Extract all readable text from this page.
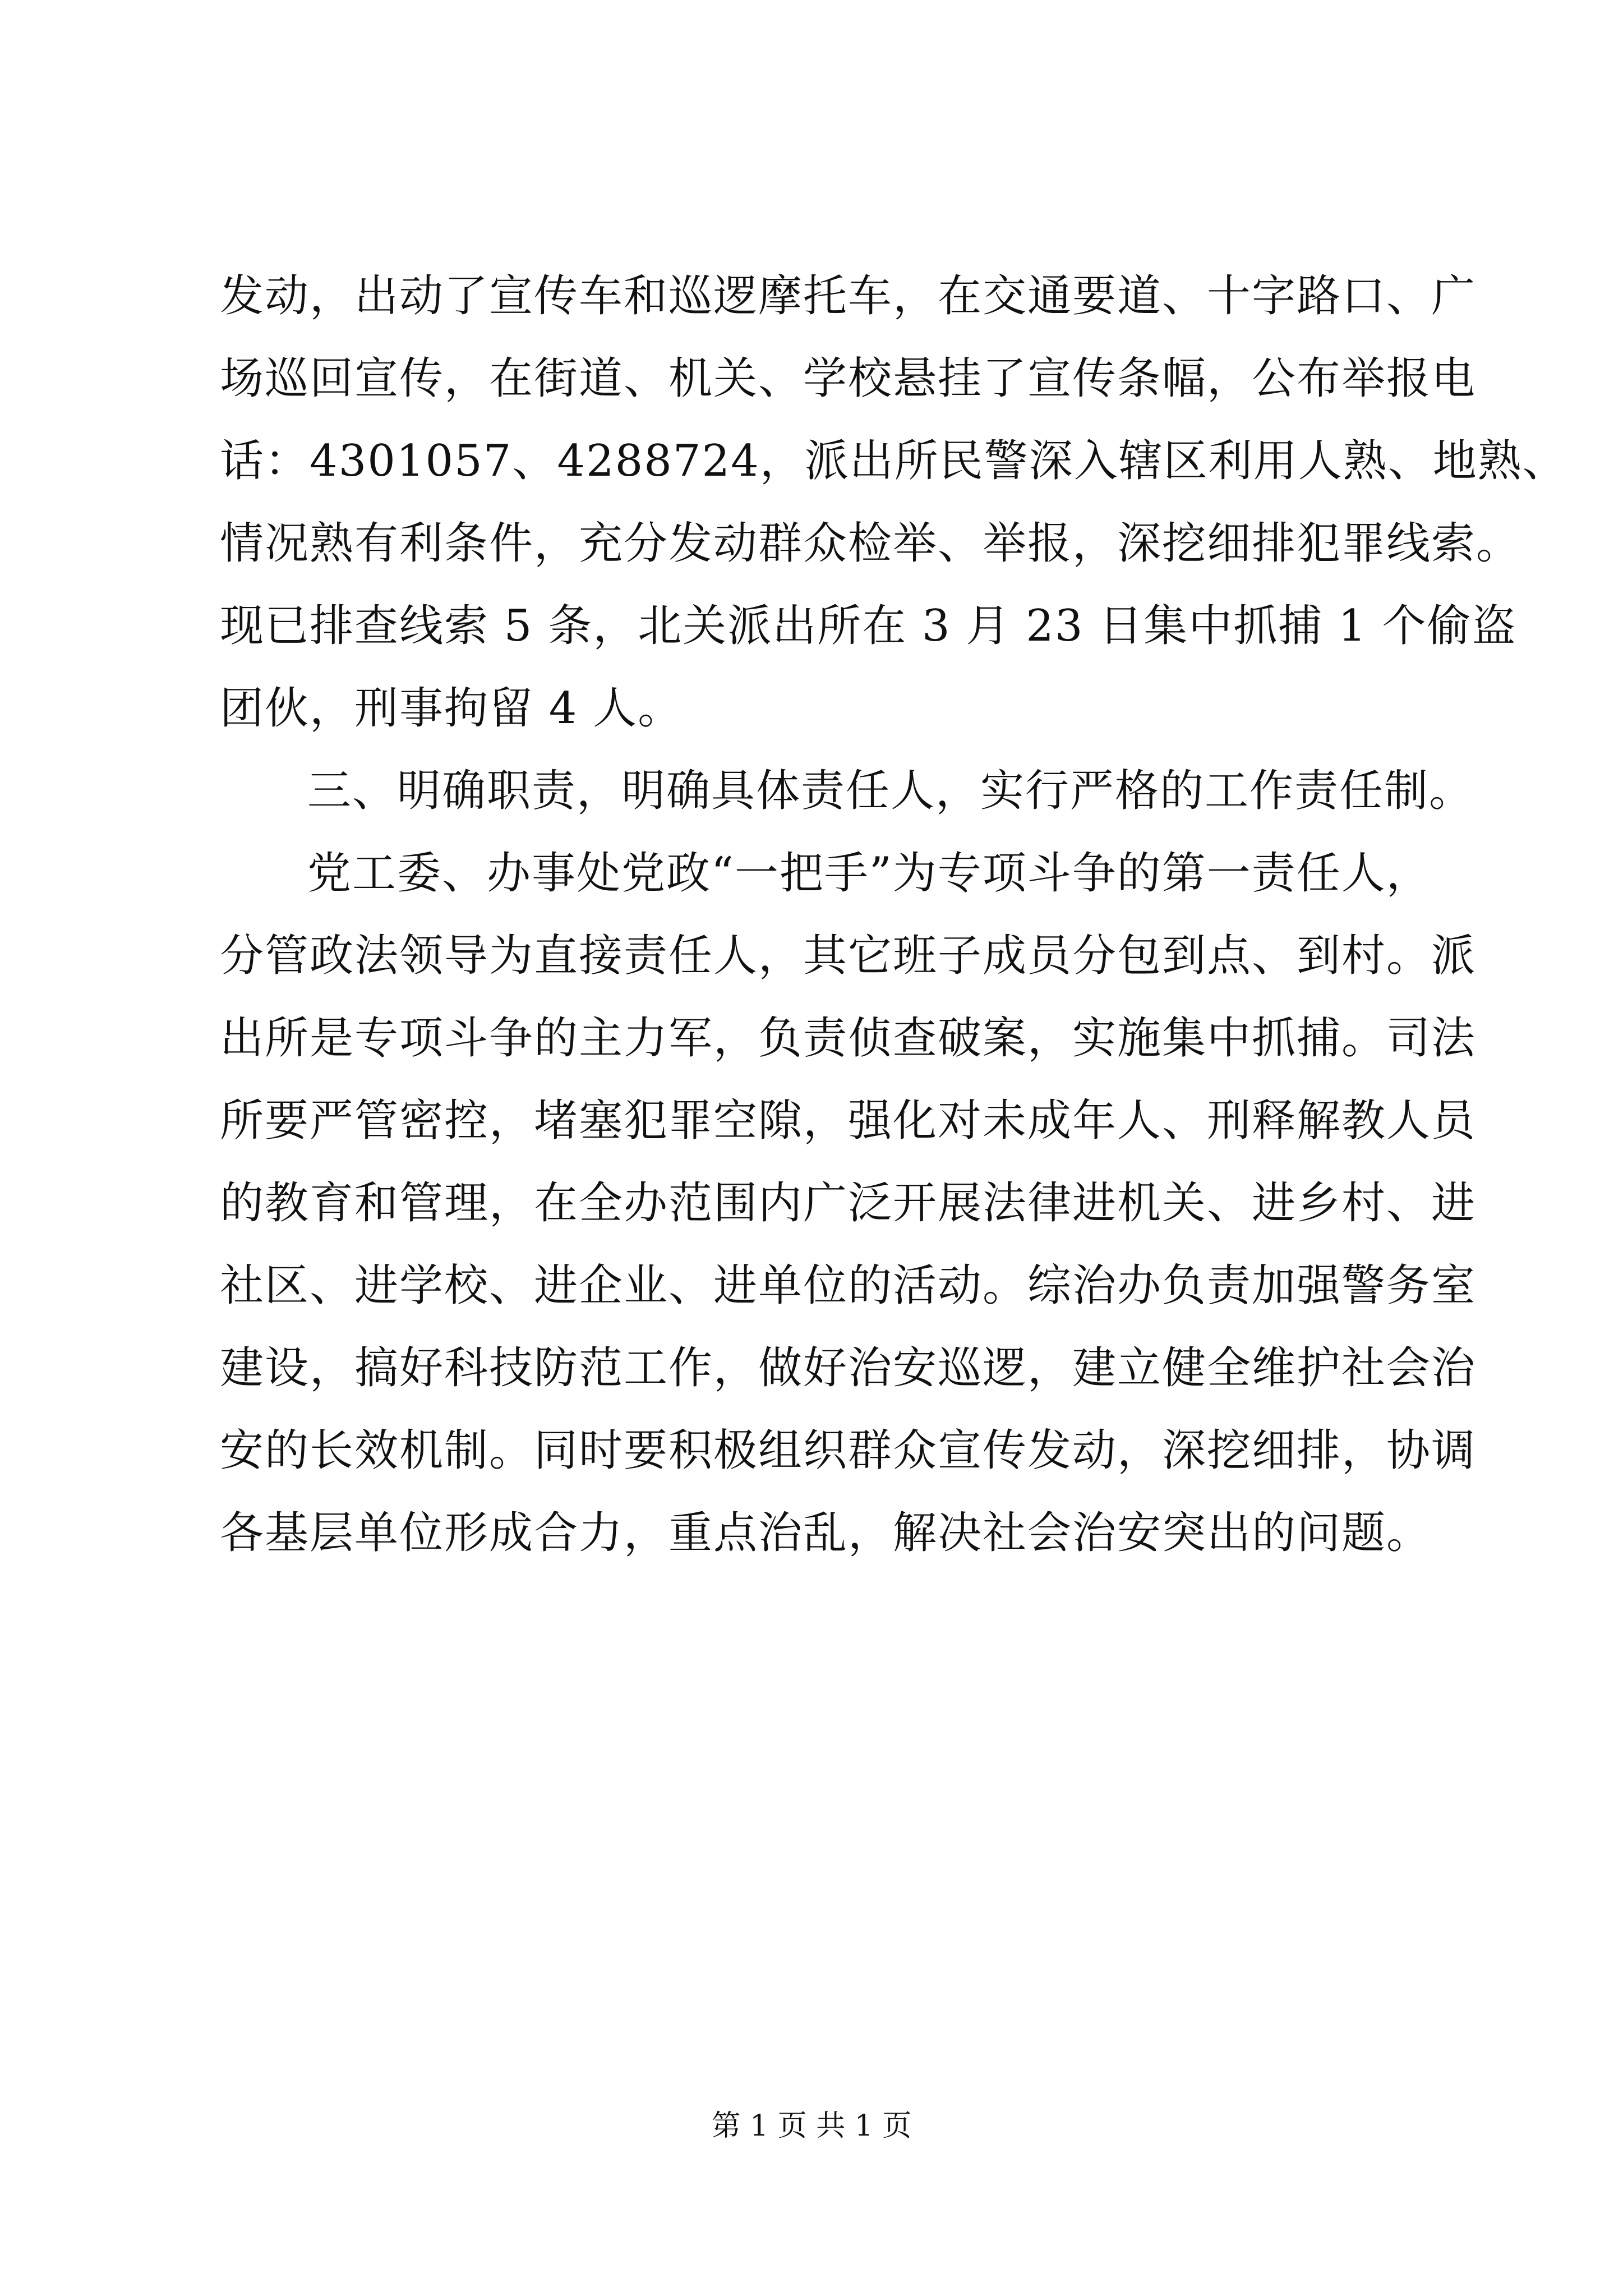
发动，出动了宣传车和巡逻摩托车，在交通要道、十字路口、广
场巡回宣传，在街道、机关、学校悬挂了宣传条幅，公布举报电
话：4301057、4288724，派出所民警深入辖区利用人熟、地熟、
情况熟有利条件，充分发动群众检举、举报，深挖细排犯罪线索。
现已排查线索 5 条，北关派出所在 3 月 23 日集中抓捕 1 个偷盗
团伙，刑事拘留 4 人。
三、明确职责，明确具体责任人，实行严格的工作责任制。
党工委、办事处党政“一把手”为专项斗争的第一责任人，
分管政法领导为直接责任人，其它班子成员分包到点、到村。派
出所是专项斗争的主力军，负责侦查破案，实施集中抓捕。司法
所要严管密控，堵塞犯罪空隙，强化对未成年人、刑释解教人员
的教育和管理，在全办范围内广泛开展法律进机关、进乡村、进
社区、进学校、进企业、进单位的活动。综治办负责加强警务室
建设，搞好科技防范工作，做好治安巡逻，建立健全维护社会治
安的长效机制。同时要积极组织群众宣传发动，深挖细排，协调
各基层单位形成合力，重点治乱，解决社会治安突出的问题。
第 1 页 共 1 页
